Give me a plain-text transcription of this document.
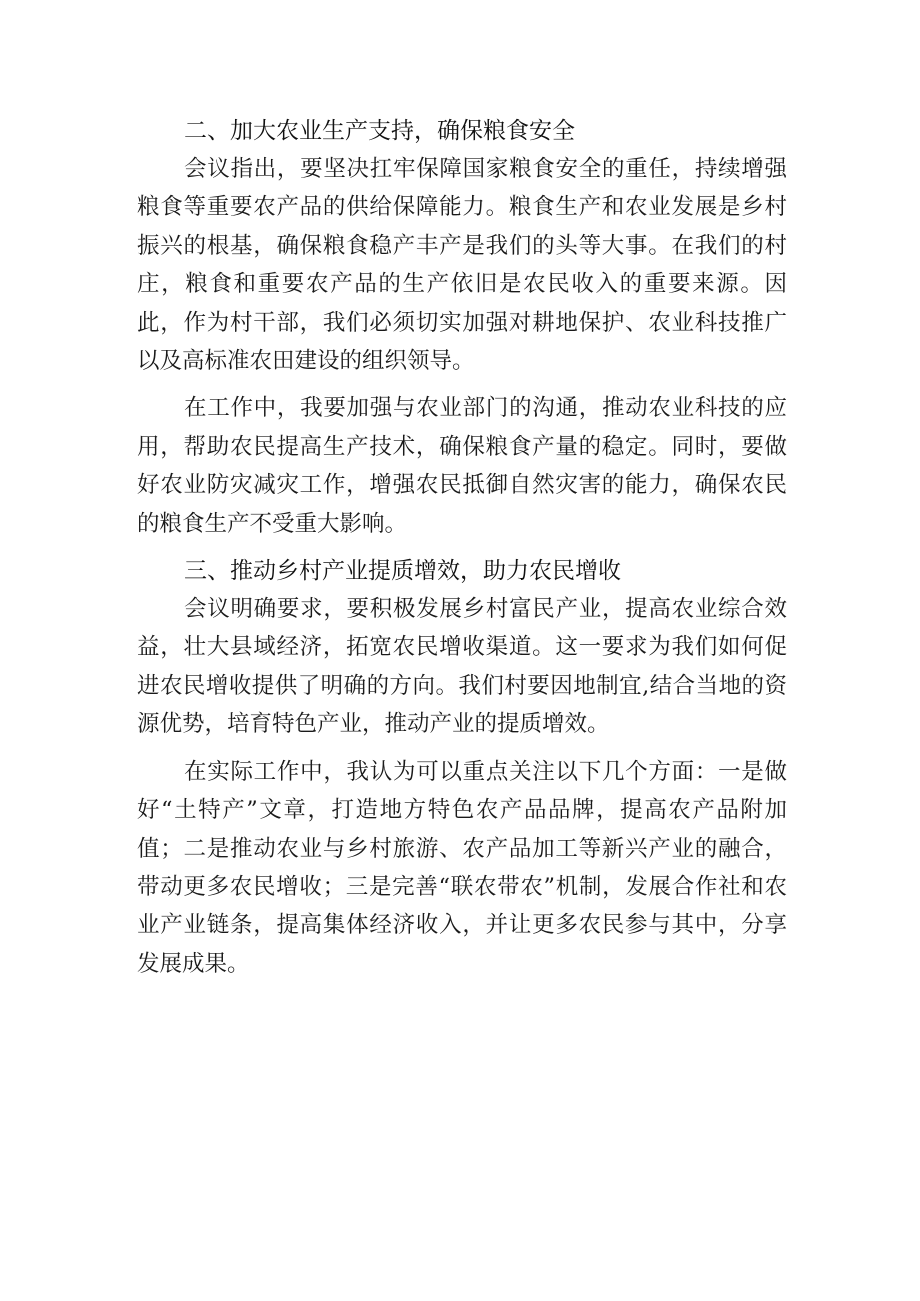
二、加大农业生产支持，确保粮食安全

会议指出，要坚决扛牢保障国家粮食安全的重任，持续增强粮食等重要农产品的供给保障能力。粮食生产和农业发展是乡村振兴的根基，确保粮食稳产丰产是我们的头等大事。在我们的村庄，粮食和重要农产品的生产依旧是农民收入的重要来源。因此，作为村干部，我们必须切实加强对耕地保护、农业科技推广以及高标准农田建设的组织领导。

在工作中，我要加强与农业部门的沟通，推动农业科技的应用，帮助农民提高生产技术，确保粮食产量的稳定。同时，要做好农业防灾减灾工作，增强农民抵御自然灾害的能力，确保农民的粮食生产不受重大影响。

三、推动乡村产业提质增效，助力农民增收

会议明确要求，要积极发展乡村富民产业，提高农业综合效益，壮大县域经济，拓宽农民增收渠道。这一要求为我们如何促进农民增收提供了明确的方向。我们村要因地制宜,结合当地的资源优势，培育特色产业，推动产业的提质增效。

在实际工作中，我认为可以重点关注以下几个方面：一是做好“土特产”文章，打造地方特色农产品品牌，提高农产品附加值；二是推动农业与乡村旅游、农产品加工等新兴产业的融合，带动更多农民增收；三是完善“联农带农”机制，发展合作社和农业产业链条，提高集体经济收入，并让更多农民参与其中，分享发展成果。
